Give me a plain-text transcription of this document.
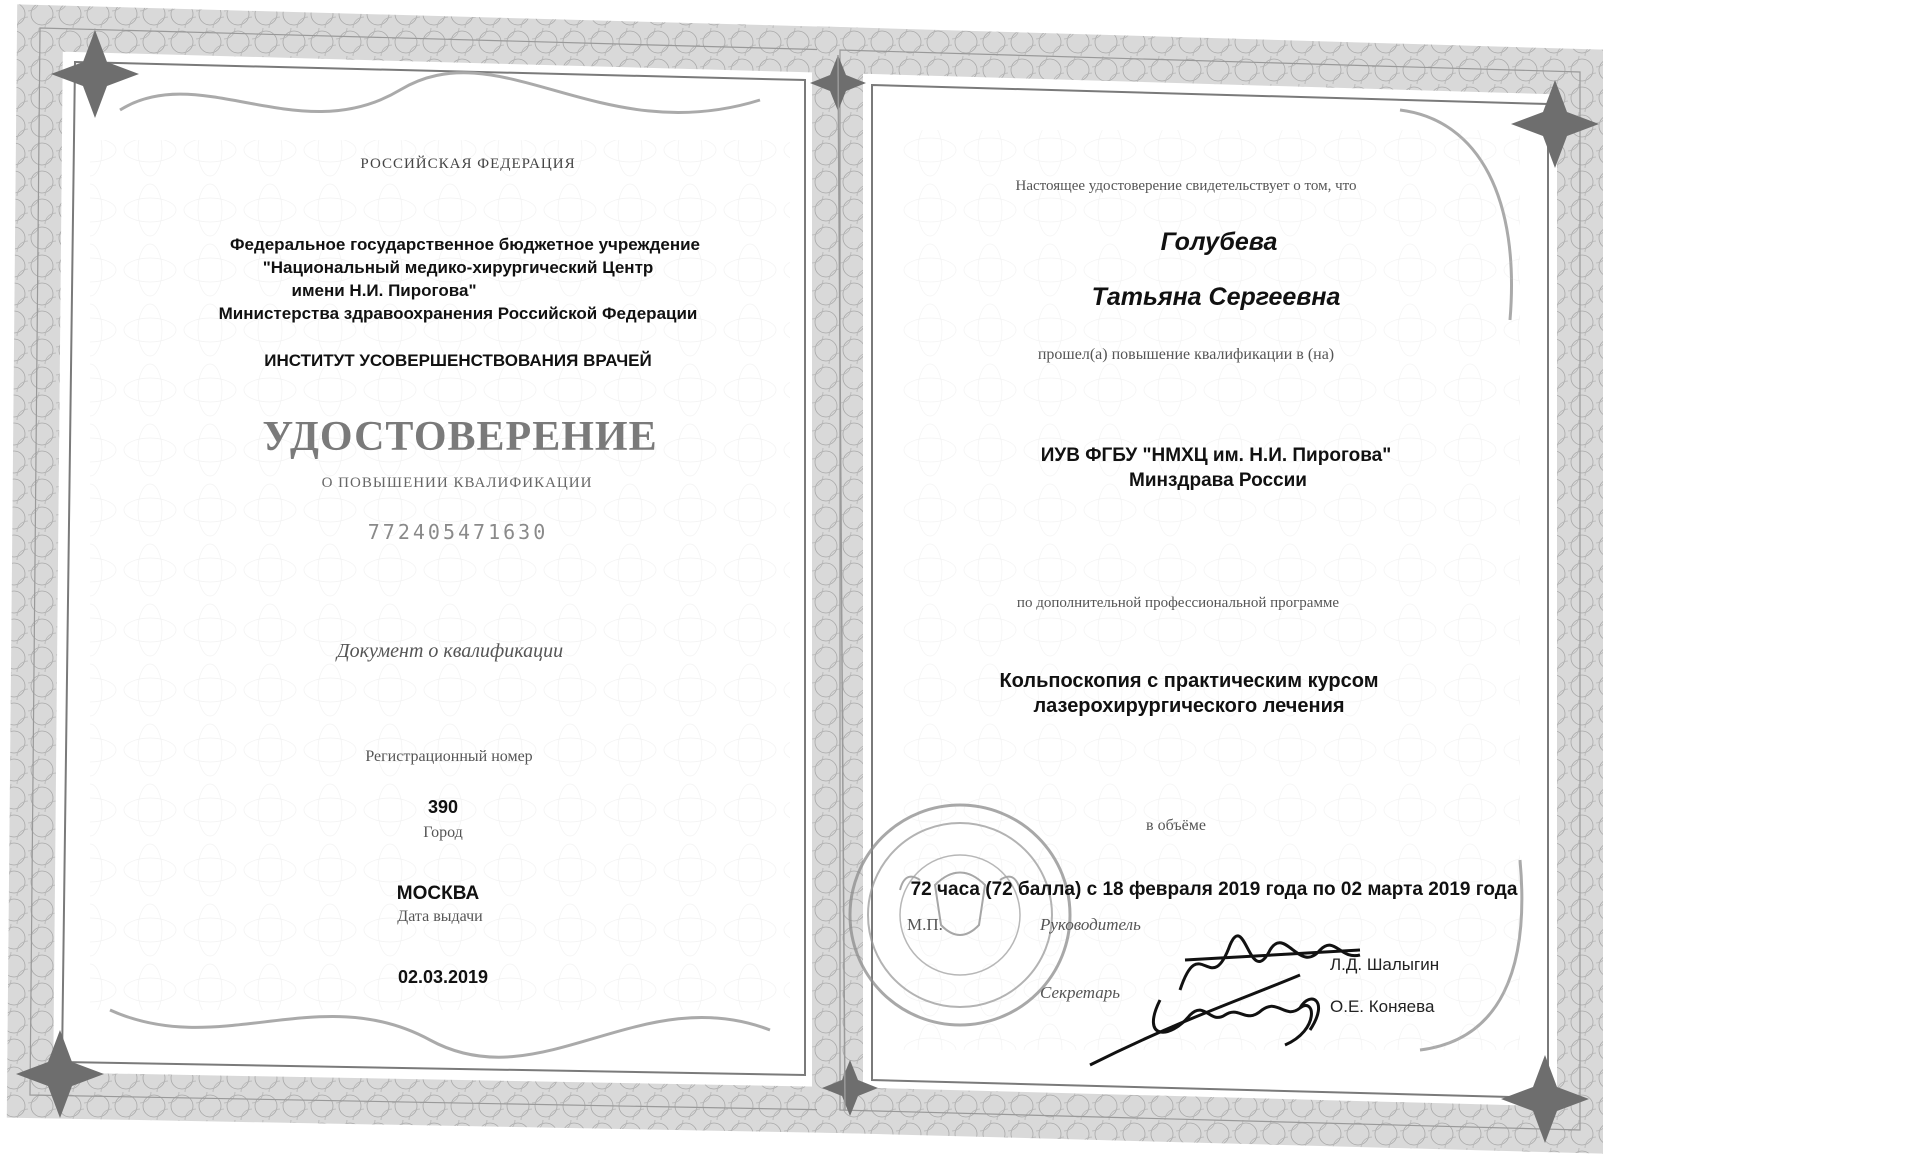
РОССИЙСКАЯ ФЕДЕРАЦИЯ
Федеральное государственное бюджетное учреждение
"Национальный медико-хирургический Центр
имени Н.И. Пирогова"
Министерства здравоохранения Российской Федерации
ИНСТИТУТ УСОВЕРШЕНСТВОВАНИЯ ВРАЧЕЙ
УДОСТОВЕРЕНИЕ
О ПОВЫШЕНИИ КВАЛИФИКАЦИИ
772405471630
Документ о квалификации
Регистрационный номер
390
Город
МОСКВА
Дата выдачи
02.03.2019
Настоящее удостоверение свидетельствует о том, что
Голубева
Татьяна Сергеевна
прошел(а) повышение квалификации в (на)
ИУВ ФГБУ "НМХЦ им. Н.И. Пирогова"
Минздрава России
по дополнительной профессиональной программе
Кольпоскопия с практическим курсом
лазерохирургического лечения
в объёме
72 часа (72 балла) с 18 февраля 2019 года по 02 марта 2019 года
М.П.	Руководитель
Л.Д. Шалыгин
Секретарь
О.Е. Коняева
